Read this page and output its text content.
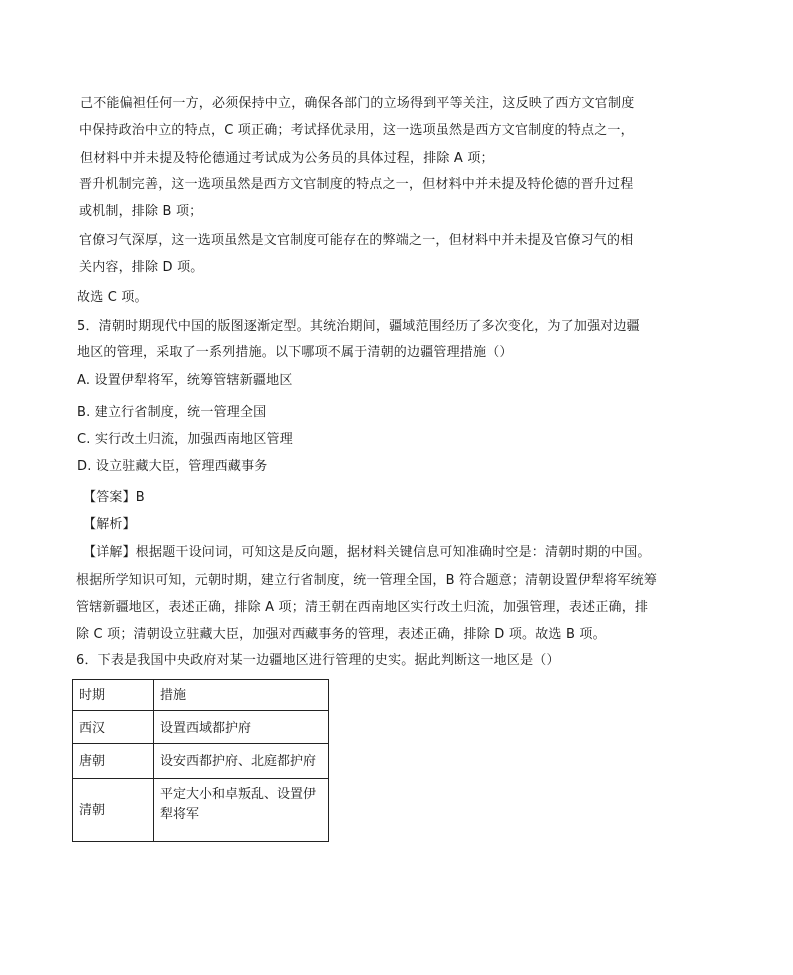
己不能偏袒任何一方，必须保持中立，确保各部门的立场得到平等关注，这反映了西方文官制度
中保持政治中立的特点，C 项正确；考试择优录用，这一选项虽然是西方文官制度的特点之一，
但材料中并未提及特伦德通过考试成为公务员的具体过程，排除 A 项；
晋升机制完善，这一选项虽然是西方文官制度的特点之一，但材料中并未提及特伦德的晋升过程
或机制，排除 B 项；
官僚习气深厚，这一选项虽然是文官制度可能存在的弊端之一，但材料中并未提及官僚习气的相
关内容，排除 D 项。
故选 C 项。
5．清朝时期现代中国的版图逐渐定型。其统治期间，疆域范围经历了多次变化，为了加强对边疆
地区的管理，采取了一系列措施。以下哪项不属于清朝的边疆管理措施（）
A. 设置伊犁将军，统筹管辖新疆地区
B. 建立行省制度，统一管理全国
C. 实行改土归流，加强西南地区管理
D. 设立驻藏大臣，管理西藏事务
【答案】B
【解析】
【详解】根据题干设问词，可知这是反向题，据材料关键信息可知准确时空是：清朝时期的中国。
根据所学知识可知，元朝时期，建立行省制度，统一管理全国，B 符合题意；清朝设置伊犁将军统筹
管辖新疆地区，表述正确，排除 A 项；清王朝在西南地区实行改土归流，加强管理，表述正确，排
除 C 项；清朝设立驻藏大臣，加强对西藏事务的管理，表述正确，排除 D 项。故选 B 项。
6．下表是我国中央政府对某一边疆地区进行管理的史实。据此判断这一地区是（）
时期	措施
西汉	设置西域都护府
唐朝	设安西都护府、北庭都护府
清朝	平定大小和卓叛乱、设置伊犁将军
